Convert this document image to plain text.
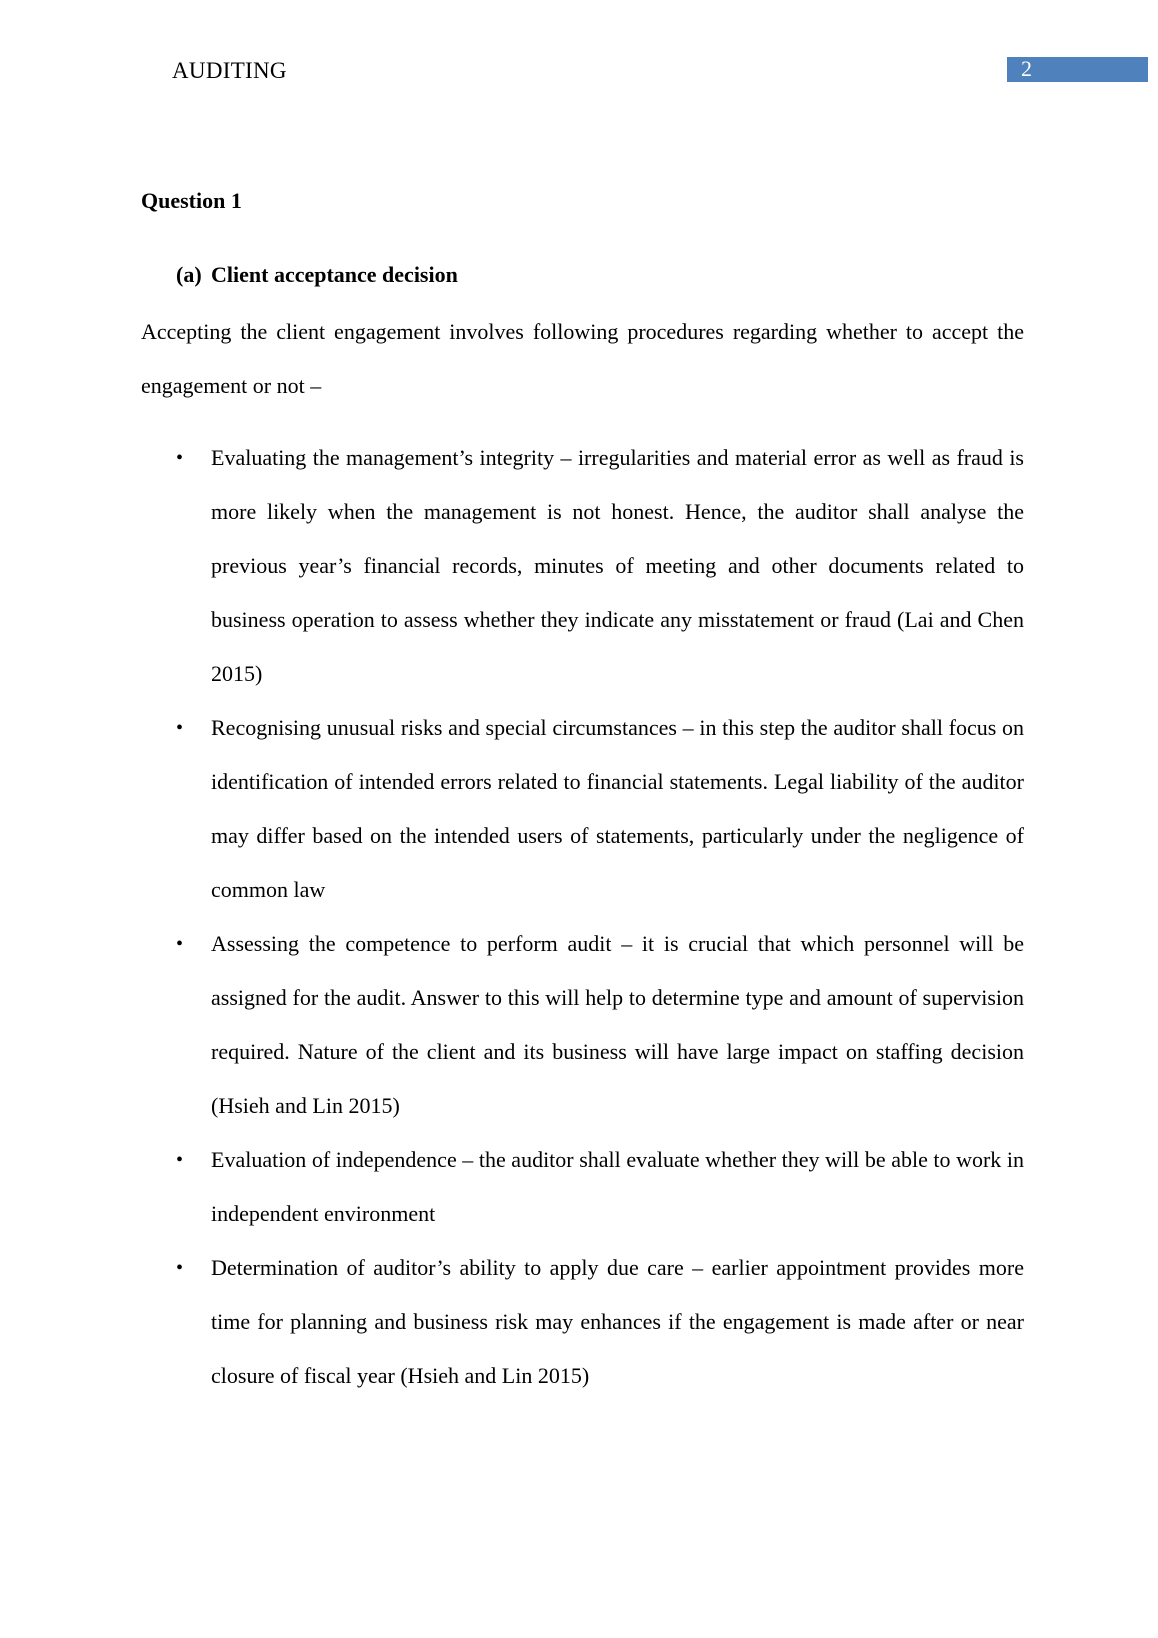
AUDITING	2
Question 1
(a) Client acceptance decision

Accepting the client engagement involves following procedures regarding whether to accept the engagement or not –

•	Evaluating the management’s integrity – irregularities and material error as well as fraud is more likely when the management is not honest. Hence, the auditor shall analyse the previous year’s financial records, minutes of meeting and other documents related to business operation to assess whether they indicate any misstatement or fraud (Lai and Chen 2015)
•	Recognising unusual risks and special circumstances – in this step the auditor shall focus on identification of intended errors related to financial statements. Legal liability of the auditor may differ based on the intended users of statements, particularly under the negligence of common law
•	Assessing the competence to perform audit – it is crucial that which personnel will be assigned for the audit. Answer to this will help to determine type and amount of supervision required. Nature of the client and its business will have large impact on staffing decision (Hsieh and Lin 2015)
•	Evaluation of independence – the auditor shall evaluate whether they will be able to work in independent environment
•	Determination of auditor’s ability to apply due care – earlier appointment provides more time for planning and business risk may enhances if the engagement is made after or near closure of fiscal year (Hsieh and Lin 2015)
